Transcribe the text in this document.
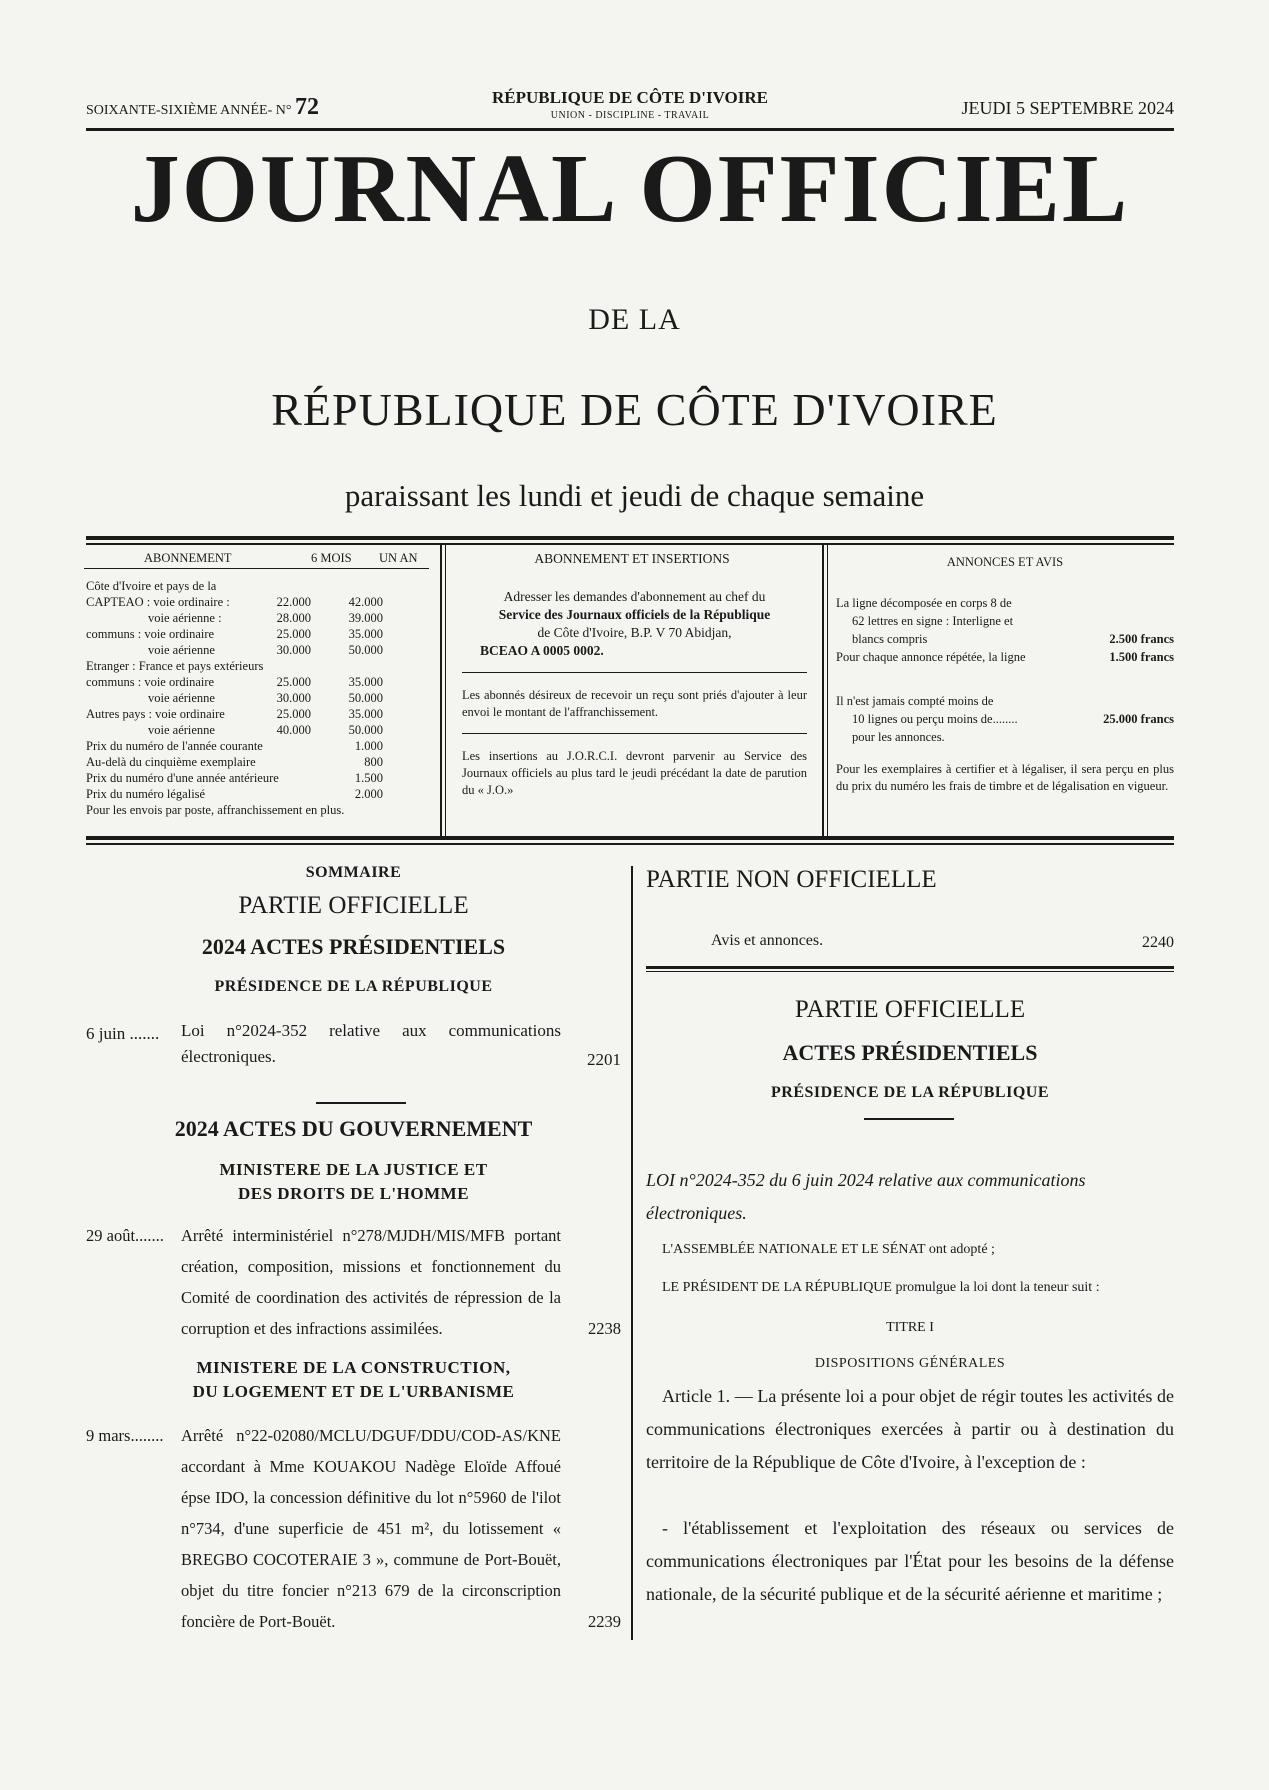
SOIXANTE-SIXIÈME ANNÉE- N° 72	RÉPUBLIQUE DE CÔTE D'IVOIRE
UNION - DISCIPLINE - TRAVAIL	JEUDI 5 SEPTEMBRE 2024
JOURNAL OFFICIEL
DE LA
RÉPUBLIQUE DE CÔTE D'IVOIRE
paraissant les lundi et jeudi de chaque semaine
ABONNEMENT	6 MOIS UN AN
Côte d'Ivoire et pays de la
CAPTEAO : voie ordinaire :	22.000	42.000
voie aérienne :	28.000	39.000
communs : voie ordinaire	25.000	35.000
voie aérienne	30.000	50.000
Etranger : France et pays extérieurs
communs : voie ordinaire	25.000	35.000
voie aérienne	30.000	50.000
Autres pays : voie ordinaire	25.000	35.000
voie aérienne	40.000	50.000
Prix du numéro de l'année courante	1.000
Au-delà du cinquième exemplaire	800
Prix du numéro d'une année antérieure	1.500
Prix du numéro légalisé	2.000
Pour les envois par poste, affranchissement en plus.
ABONNEMENT ET INSERTIONS
Adresser les demandes d'abonnement au chef du
Service des Journaux officiels de la République
de Côte d'Ivoire, B.P. V 70 Abidjan,
BCEAO A 0005 0002.
Les abonnés désireux de recevoir un reçu sont priés d'ajouter à leur envoi le montant de l'affranchissement.
Les insertions au J.O.R.C.I. devront parvenir au Service des Journaux officiels au plus tard le jeudi précédant la date de parution du « J.O.»
ANNONCES ET AVIS
La ligne décomposée en corps 8 de
62 lettres en signe : Interligne et
blancs compris	2.500 francs
Pour chaque annonce répétée, la ligne	1.500 francs
Il n'est jamais compté moins de
10 lignes ou perçu moins de........	25.000 francs
pour les annonces.
Pour les exemplaires à certifier et à légaliser, il sera perçu en plus du prix du numéro les frais de timbre et de légalisation en vigueur.
SOMMAIRE
PARTIE OFFICIELLE
2024 ACTES PRÉSIDENTIELS
PRÉSIDENCE DE LA RÉPUBLIQUE
6 juin ....... Loi n°2024-352 relative aux communications électroniques.	2201
2024 ACTES DU GOUVERNEMENT
MINISTERE DE LA JUSTICE ET
DES DROITS DE L'HOMME
29 août....... Arrêté interministériel n°278/MJDH/MIS/MFB portant création, composition, missions et fonctionnement du Comité de coordination des activités de répression de la corruption et des infractions assimilées.	2238
MINISTERE DE LA CONSTRUCTION,
DU LOGEMENT ET DE L'URBANISME
9 mars........ Arrêté n°22-02080/MCLU/DGUF/DDU/COD-AS/KNE accordant à Mme KOUAKOU Nadège Eloïde Affoué épse IDO, la concession définitive du lot n°5960 de l'ilot n°734, d'une superficie de 451 m², du lotissement « BREGBO COCOTERAIE 3 », commune de Port-Bouët, objet du titre foncier n°213 679 de la circonscription foncière de Port-Bouët.	2239
PARTIE NON OFFICIELLE
Avis et annonces.	2240
PARTIE OFFICIELLE
ACTES PRÉSIDENTIELS
PRÉSIDENCE DE LA RÉPUBLIQUE
LOI n°2024-352 du 6 juin 2024 relative aux communications électroniques.
L'ASSEMBLÉE NATIONALE ET LE SÉNAT ont adopté ;
LE PRÉSIDENT DE LA RÉPUBLIQUE promulgue la loi dont la teneur suit :
TITRE I
DISPOSITIONS GÉNÉRALES
Article 1. — La présente loi a pour objet de régir toutes les activités de communications électroniques exercées à partir ou à destination du territoire de la République de Côte d'Ivoire, à l'exception de :
- l'établissement et l'exploitation des réseaux ou services de communications électroniques par l'État pour les besoins de la défense nationale, de la sécurité publique et de la sécurité aérienne et maritime ;
